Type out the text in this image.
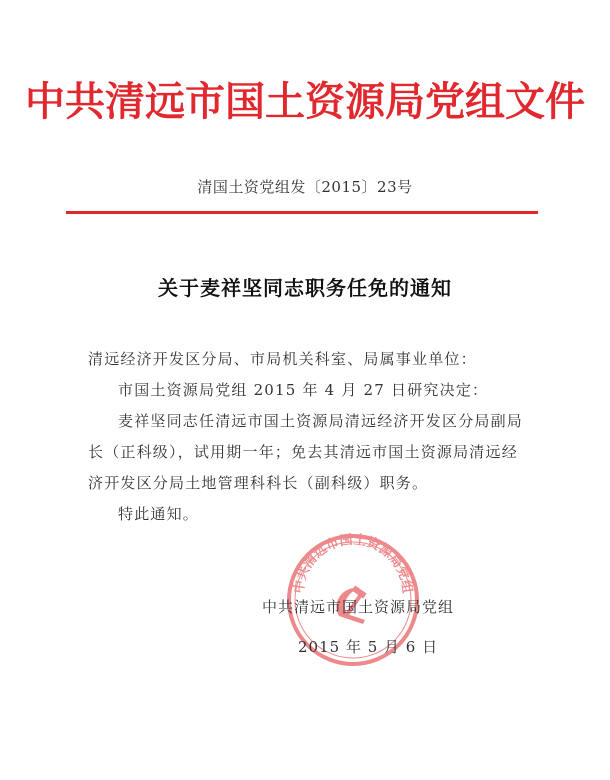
中共清远市国土资源局党组文件
清国土资党组发〔2015〕23号
关于麦祥坚同志职务任免的通知
清远经济开发区分局、市局机关科室、局属事业单位：
市国土资源局党组 2015 年 4 月 27 日研究决定：
麦祥坚同志任清远市国土资源局清远经济开发区分局副局长（正科级），试用期一年；免去其清远市国土资源局清远经济开发区分局土地管理科科长（副科级）职务。
特此通知。
中共清远市国土资源局党组
中共清远市国土资源局党组
2015 年 5 月 6 日
